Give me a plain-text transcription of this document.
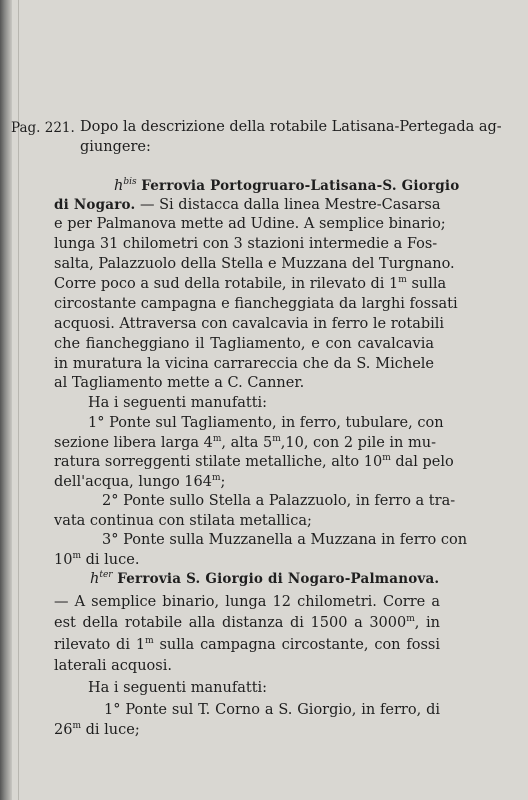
Pag. 221. Dopo la descrizione della rotabile Latisana-Pertegada ag-
giungere:
$h^{bis}$ Ferrovia Portogruaro-Latisana-S. Giorgio
di Nogaro. — Si distacca dalla linea Mestre-Casarsa
e per Palmanova mette ad Udine. A semplice binario;
lunga 31 chilometri con 3 stazioni intermedie a Fos-
salta, Palazzuolo della Stella e Muzzana del Turgnano.
Corre poco a sud della rotabile, in rilevato di 1$^m$ sulla
circostante campagna e fiancheggiata da larghi fossati
acquosi. Attraversa con cavalcavia in ferro le rotabili
che fiancheggiano il Tagliamento, e con cavalcavia
in muratura la vicina carrareccia che da S. Michele
al Tagliamento mette a C. Canner.
Ha i seguenti manufatti:
1° Ponte sul Tagliamento, in ferro, tubulare, con
sezione libera larga 4$^m$, alta 5$^m$,10, con 2 pile in mu-
ratura sorreggenti stilate metalliche, alto 10$^m$ dal pelo
dell'acqua, lungo 164$^m$;
2° Ponte sullo Stella a Palazzuolo, in ferro a tra-
vata continua con stilata metallica;
3° Ponte sulla Muzzanella a Muzzana in ferro con
10$^m$ di luce.
$h^{ter}$ Ferrovia S. Giorgio di Nogaro-Palmanova.
— A semplice binario, lunga 12 chilometri. Corre a
est della rotabile alla distanza di 1500 a 3000$^m$, in
rilevato di 1$^m$ sulla campagna circostante, con fossi
laterali acquosi.
Ha i seguenti manufatti:
1° Ponte sul T. Corno a S. Giorgio, in ferro, di
26$^m$ di luce;
